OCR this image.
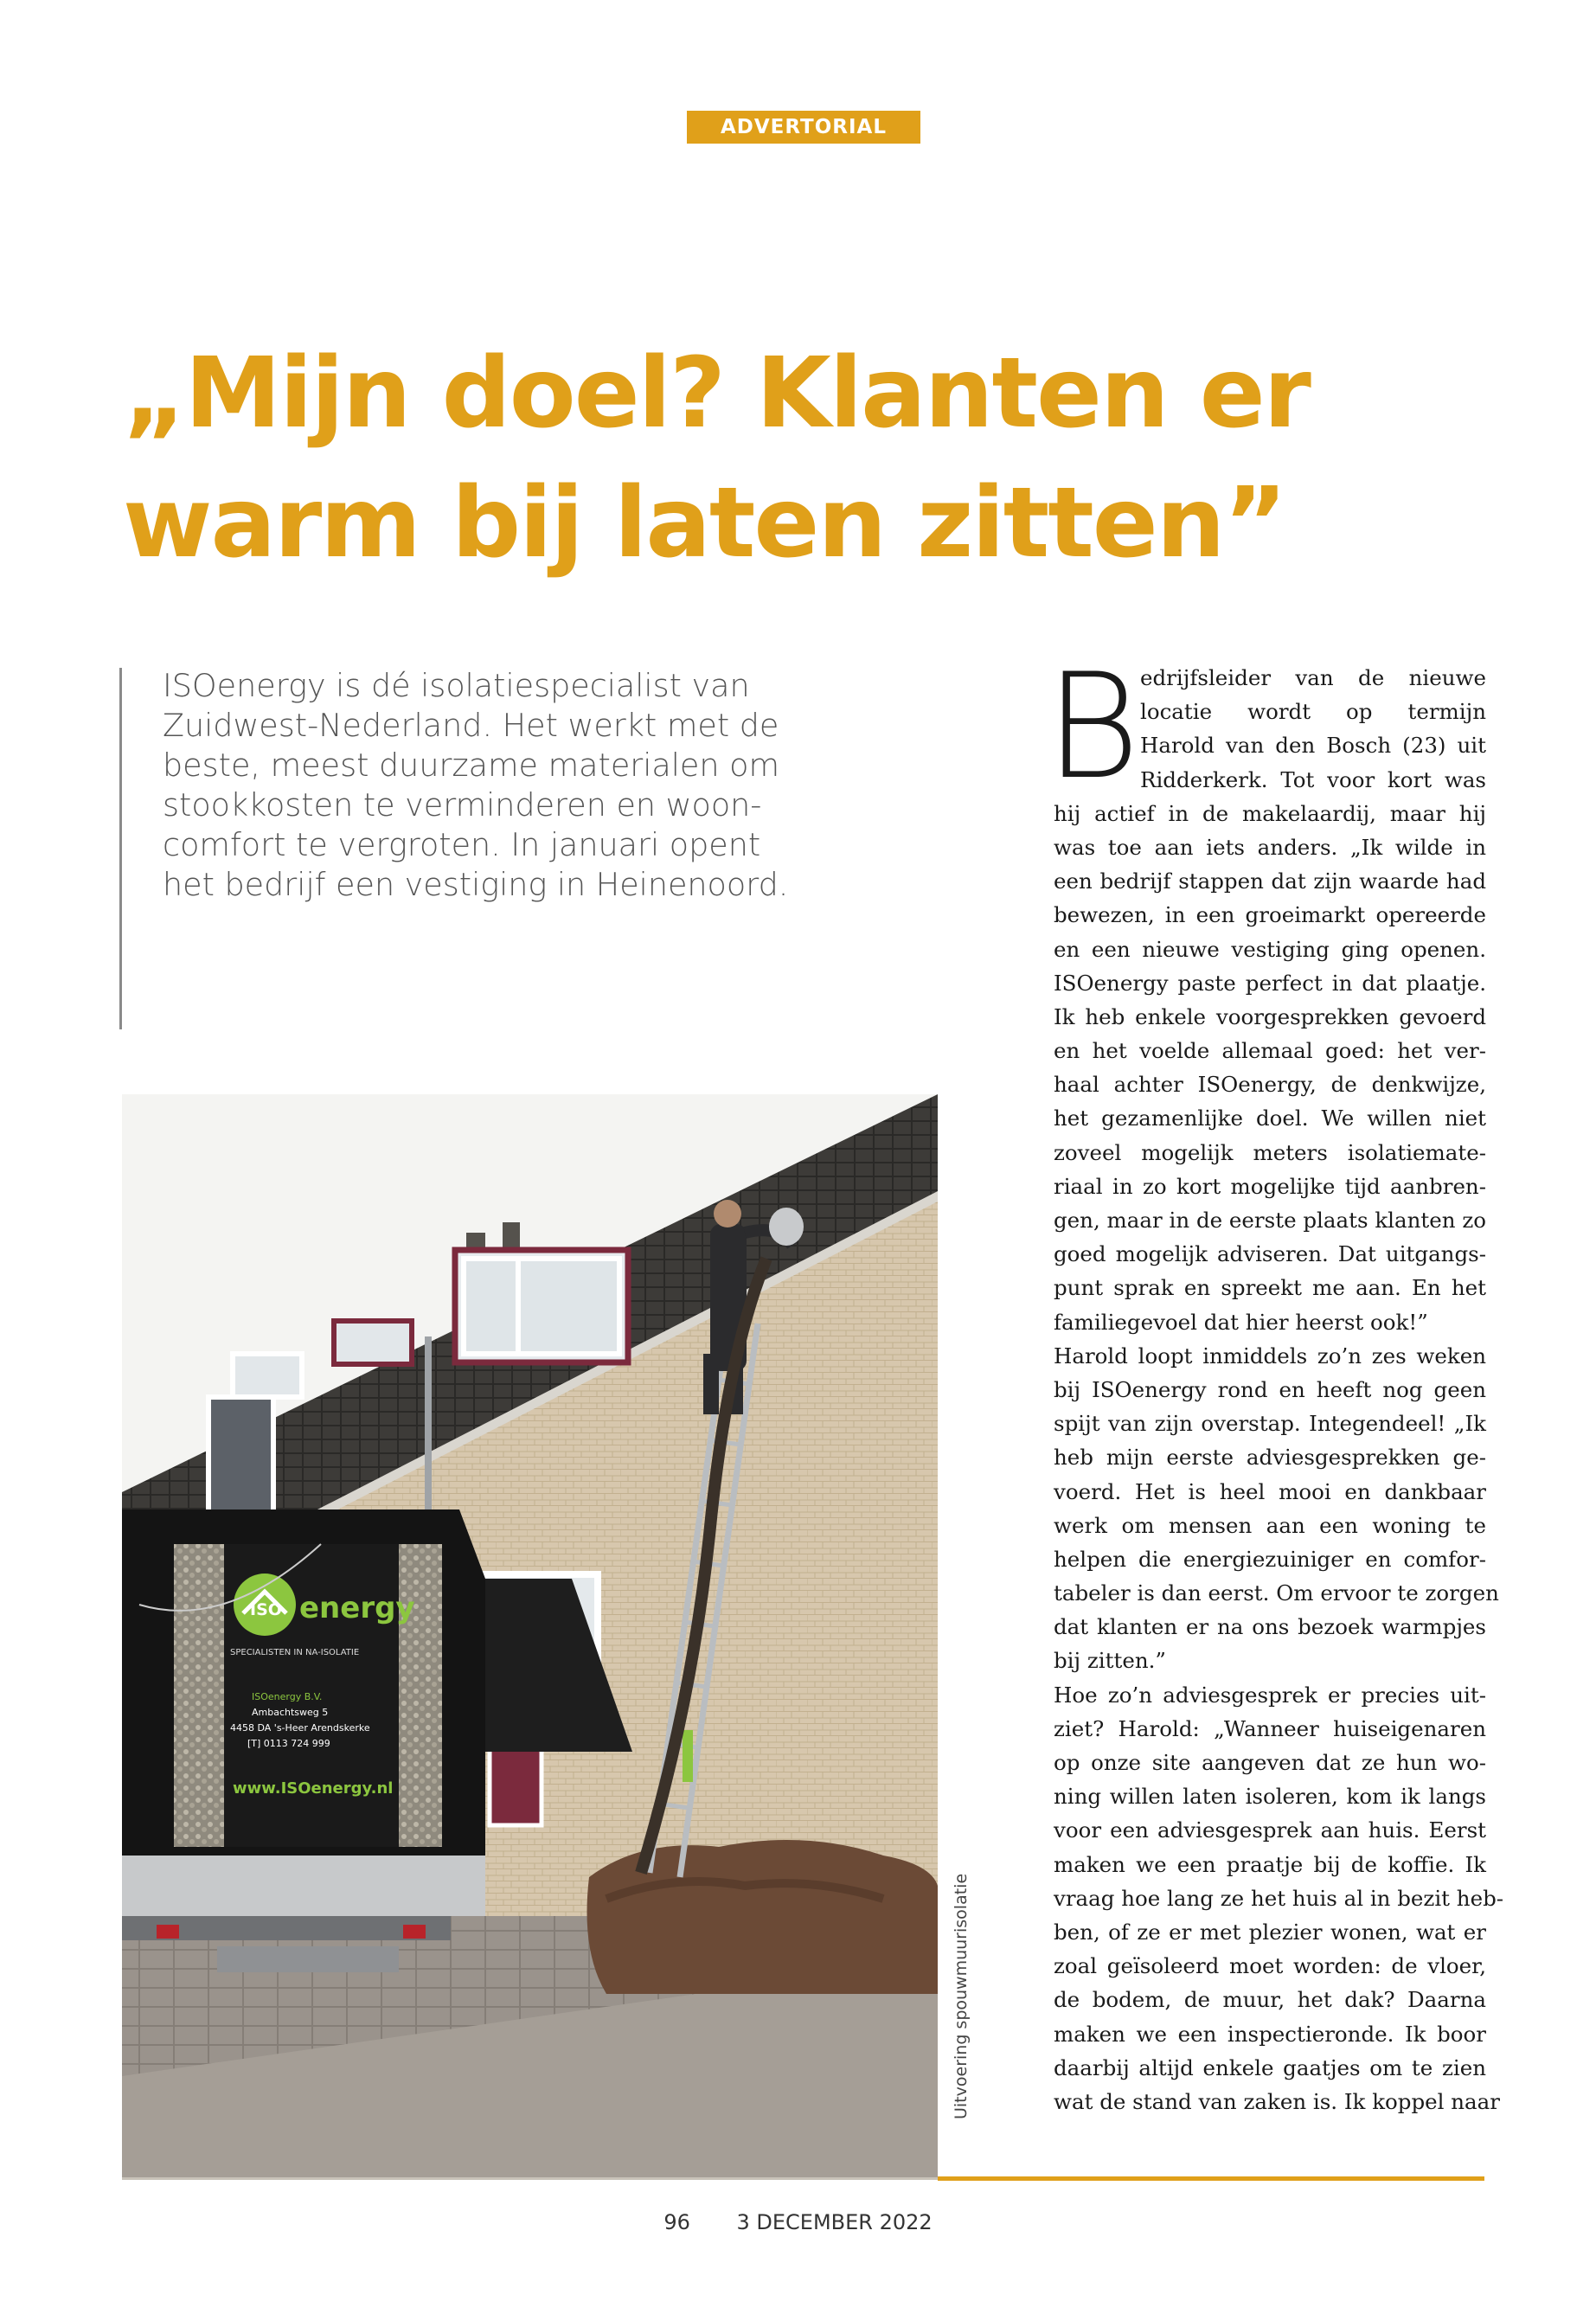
ADVERTORIAL
„Mijn doel? Klanten er
warm bij laten zitten”

ISOenergy is dé isolatiespecialist van
Zuidwest-Nederland. Het werkt met de
beste, meest duurzame materialen om
stookkosten te verminderen en woon-
comfort te vergroten. In januari opent
het bedrijf een vestiging in Heinenoord.

ISO energy
SPECIALISTEN IN NA-ISOLATIE
ISOenergy B.V.
Ambachtsweg 5
4458 DA 's-Heer Arendskerke
[T] 0113 724 999
www.ISOenergy.nl
Uitvoering spouwmuurisolatie
B edrijfsleider van de nieuwe
locatie wordt op termijn
Harold van den Bosch (23) uit
Ridderkerk. Tot voor kort was
hij actief in de makelaardij, maar hij
was toe aan iets anders. „Ik wilde in
een bedrijf stappen dat zijn waarde had
bewezen, in een groeimarkt opereerde
en een nieuwe vestiging ging openen.
ISOenergy paste perfect in dat plaatje.
Ik heb enkele voorgesprekken gevoerd
en het voelde allemaal goed: het ver-
haal achter ISOenergy, de denkwijze,
het gezamenlijke doel. We willen niet
zoveel mogelijk meters isolatiemate-
riaal in zo kort mogelijke tijd aanbren-
gen, maar in de eerste plaats klanten zo
goed mogelijk adviseren. Dat uitgangs-
punt sprak en spreekt me aan. En het
familiegevoel dat hier heerst ook!”
Harold loopt inmiddels zo’n zes weken
bij ISOenergy rond en heeft nog geen
spijt van zijn overstap. Integendeel! „Ik
heb mijn eerste adviesgesprekken ge-
voerd. Het is heel mooi en dankbaar
werk om mensen aan een woning te
helpen die energiezuiniger en comfor-
tabeler is dan eerst. Om ervoor te zorgen
dat klanten er na ons bezoek warmpjes
bij zitten.”
Hoe zo’n adviesgesprek er precies uit-
ziet? Harold: „Wanneer huiseigenaren
op onze site aangeven dat ze hun wo-
ning willen laten isoleren, kom ik langs
voor een adviesgesprek aan huis. Eerst
maken we een praatje bij de koffie. Ik
vraag hoe lang ze het huis al in bezit heb-
ben, of ze er met plezier wonen, wat er
zoal geïsoleerd moet worden: de vloer,
de bodem, de muur, het dak? Daarna
maken we een inspectieronde. Ik boor
daarbij altijd enkele gaatjes om te zien
wat de stand van zaken is. Ik koppel naar
96 3 DECEMBER 2022
